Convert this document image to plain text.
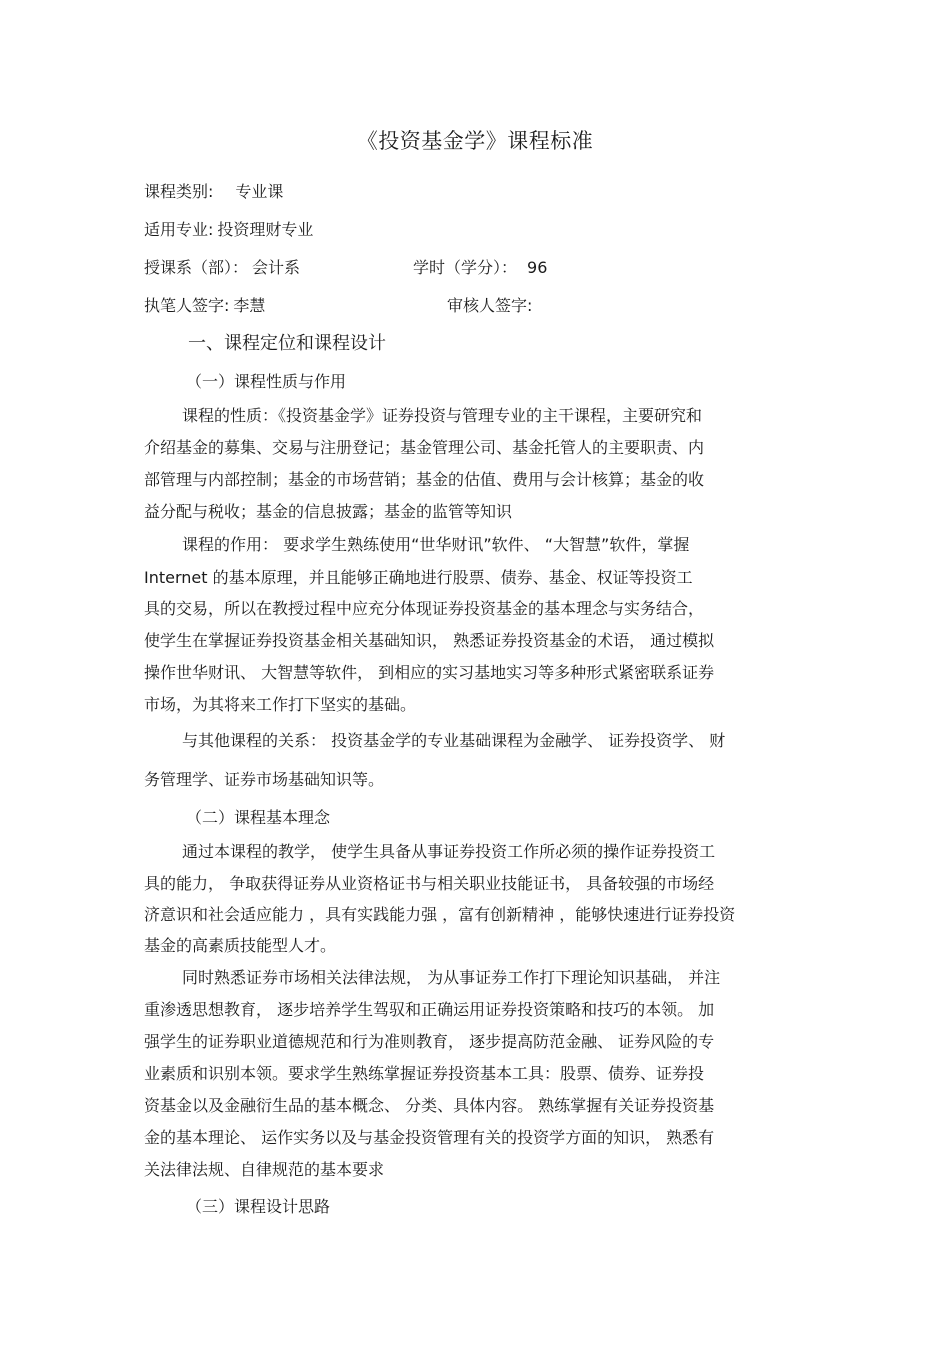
《投资基金学》课程标准
课程类别: 专业课
适用专业: 投资理财专业
授课系（部）： 会计系	学时（学分）： 96
执笔人签字: 李慧	审核人签字:
一、课程定位和课程设计
（一）课程性质与作用
课程的性质：《投资基金学》证券投资与管理专业的主干课程，主要研究和
介绍基金的募集、交易与注册登记；基金管理公司、基金托管人的主要职责、内
部管理与内部控制；基金的市场营销；基金的估值、费用与会计核算；基金的收
益分配与税收；基金的信息披露；基金的监管等知识
课程的作用： 要求学生熟练使用“世华财讯”软件、 “大智慧”软件，掌握
Internet 的基本原理，并且能够正确地进行股票、债券、基金、权证等投资工
具的交易，所以在教授过程中应充分体现证券投资基金的基本理念与实务结合，
使学生在掌握证券投资基金相关基础知识， 熟悉证券投资基金的术语， 通过模拟
操作世华财讯、 大智慧等软件， 到相应的实习基地实习等多种形式紧密联系证券
市场，为其将来工作打下坚实的基础。
与其他课程的关系： 投资基金学的专业基础课程为金融学、 证券投资学、 财
务管理学、证券市场基础知识等。
（二）课程基本理念
通过本课程的教学， 使学生具备从事证券投资工作所必须的操作证券投资工
具的能力， 争取获得证券从业资格证书与相关职业技能证书， 具备较强的市场经
济意识和社会适应能力 ，具有实践能力强 ，富有创新精神 ，能够快速进行证券投资
基金的高素质技能型人才。
同时熟悉证券市场相关法律法规， 为从事证券工作打下理论知识基础， 并注
重渗透思想教育， 逐步培养学生驾驭和正确运用证券投资策略和技巧的本领。 加
强学生的证券职业道德规范和行为准则教育， 逐步提高防范金融、 证券风险的专
业素质和识别本领。要求学生熟练掌握证券投资基本工具：股票、债券、证券投
资基金以及金融衍生品的基本概念、 分类、具体内容。 熟练掌握有关证券投资基
金的基本理论、 运作实务以及与基金投资管理有关的投资学方面的知识， 熟悉有
关法律法规、自律规范的基本要求
（三）课程设计思路
